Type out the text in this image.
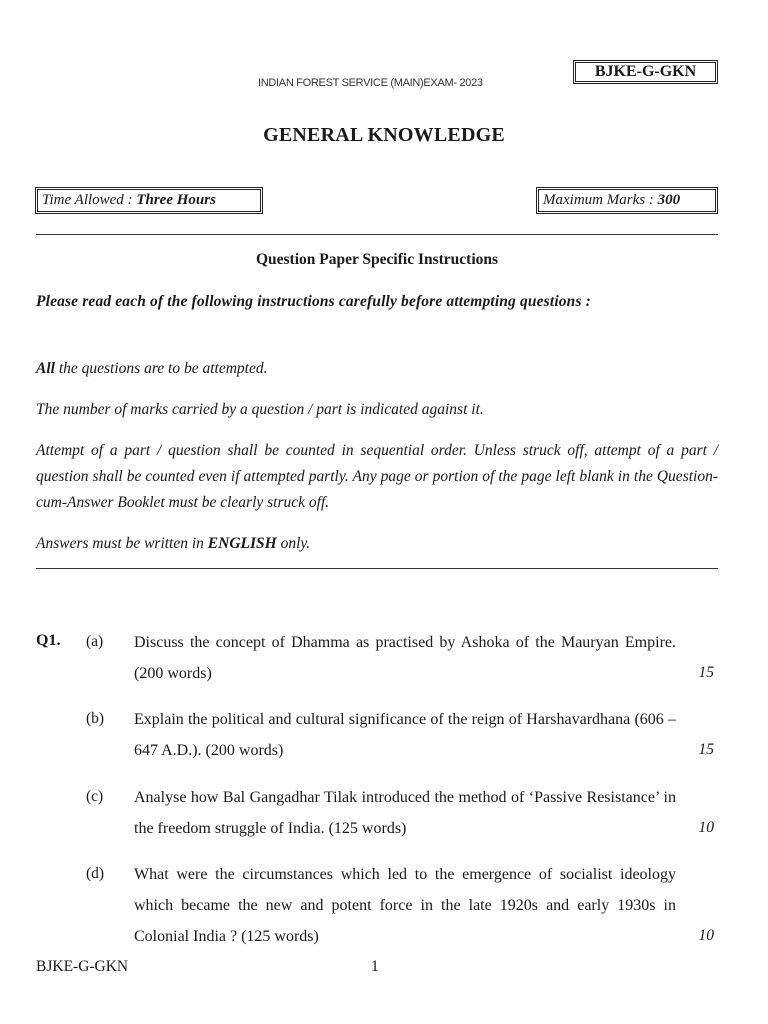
INDIAN FOREST SERVICE (MAIN)EXAM- 2023
BJKE-G-GKN
GENERAL KNOWLEDGE
Time Allowed : Three Hours	Maximum Marks : 300
Question Paper Specific Instructions
Please read each of the following instructions carefully before attempting questions :
All the questions are to be attempted.
The number of marks carried by a question / part is indicated against it.
Attempt of a part / question shall be counted in sequential order. Unless struck off, attempt of a part / question shall be counted even if attempted partly. Any page or portion of the page left blank in the Question-cum-Answer Booklet must be clearly struck off.
Answers must be written in ENGLISH only.
Q1. (a) Discuss the concept of Dhamma as practised by Ashoka of the Mauryan Empire. (200 words)	15
(b) Explain the political and cultural significance of the reign of Harshavardhana (606 – 647 A.D.). (200 words)	15
(c) Analyse how Bal Gangadhar Tilak introduced the method of ‘Passive Resistance’ in the freedom struggle of India. (125 words)	10
(d) What were the circumstances which led to the emergence of socialist ideology which became the new and potent force in the late 1920s and early 1930s in Colonial India ? (125 words)	10
BJKE-G-GKN	1
